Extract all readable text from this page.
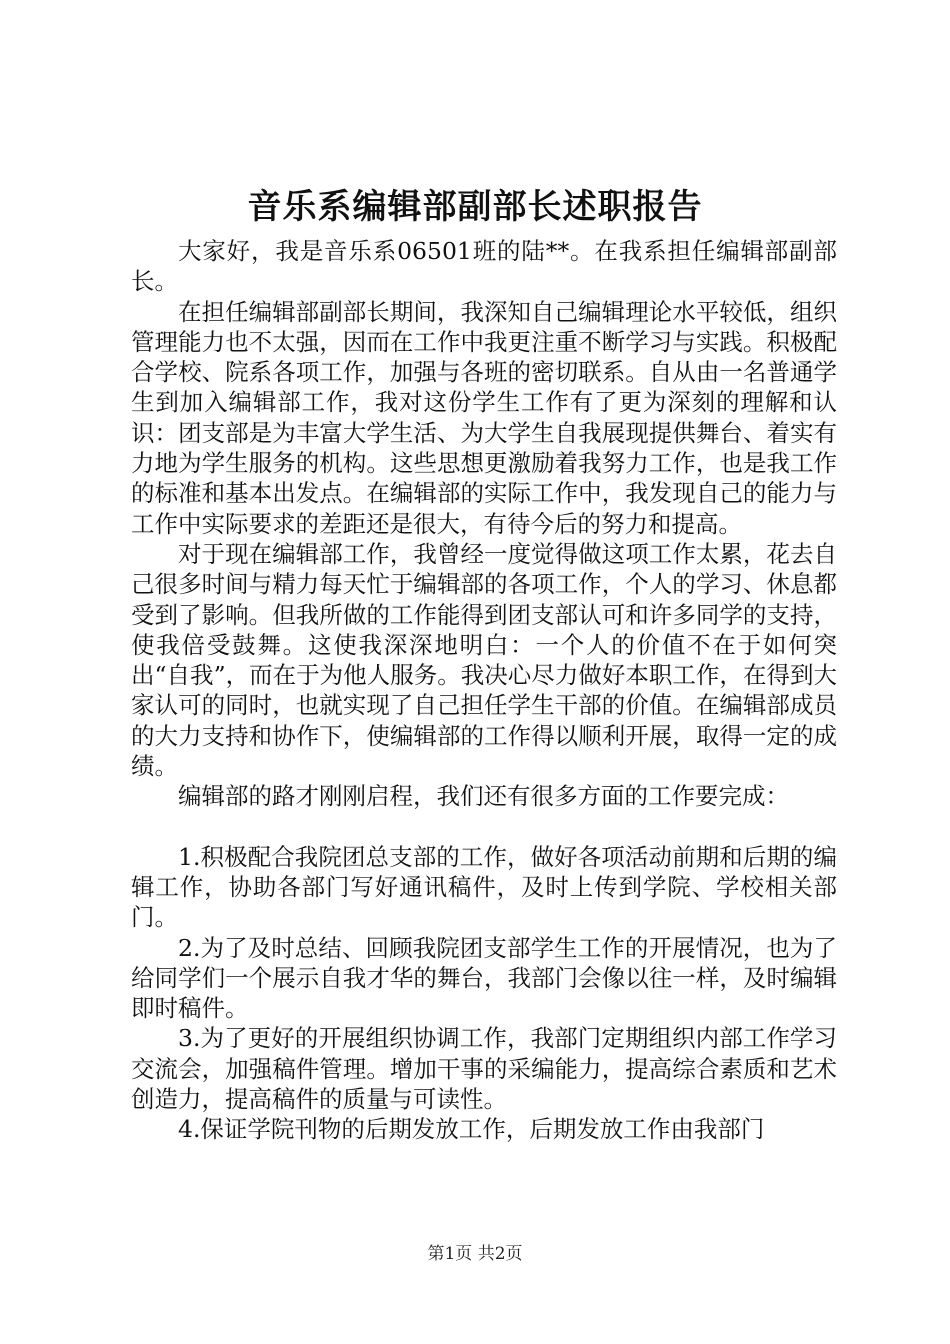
音乐系编辑部副部长述职报告

大家好，我是音乐系06501班的陆**。在我系担任编辑部副部长。

在担任编辑部副部长期间，我深知自己编辑理论水平较低，组织管理能力也不太强，因而在工作中我更注重不断学习与实践。积极配合学校、院系各项工作，加强与各班的密切联系。自从由一名普通学生到加入编辑部工作，我对这份学生工作有了更为深刻的理解和认识：团支部是为丰富大学生活、为大学生自我展现提供舞台、着实有力地为学生服务的机构。这些思想更激励着我努力工作，也是我工作的标准和基本出发点。在编辑部的实际工作中，我发现自己的能力与工作中实际要求的差距还是很大，有待今后的努力和提高。

对于现在编辑部工作，我曾经一度觉得做这项工作太累，花去自己很多时间与精力每天忙于编辑部的各项工作，个人的学习、休息都受到了影响。但我所做的工作能得到团支部认可和许多同学的支持，使我倍受鼓舞。这使我深深地明白：一个人的价值不在于如何突出“自我”，而在于为他人服务。我决心尽力做好本职工作，在得到大家认可的同时，也就实现了自己担任学生干部的价值。在编辑部成员的大力支持和协作下，使编辑部的工作得以顺利开展，取得一定的成绩。

编辑部的路才刚刚启程，我们还有很多方面的工作要完成：

1.积极配合我院团总支部的工作，做好各项活动前期和后期的编辑工作，协助各部门写好通讯稿件，及时上传到学院、学校相关部门。

2.为了及时总结、回顾我院团支部学生工作的开展情况，也为了给同学们一个展示自我才华的舞台，我部门会像以往一样，及时编辑即时稿件。

3.为了更好的开展组织协调工作，我部门定期组织内部工作学习交流会，加强稿件管理。增加干事的采编能力，提高综合素质和艺术创造力，提高稿件的质量与可读性。

4.保证学院刊物的后期发放工作，后期发放工作由我部门

第1页 共2页
